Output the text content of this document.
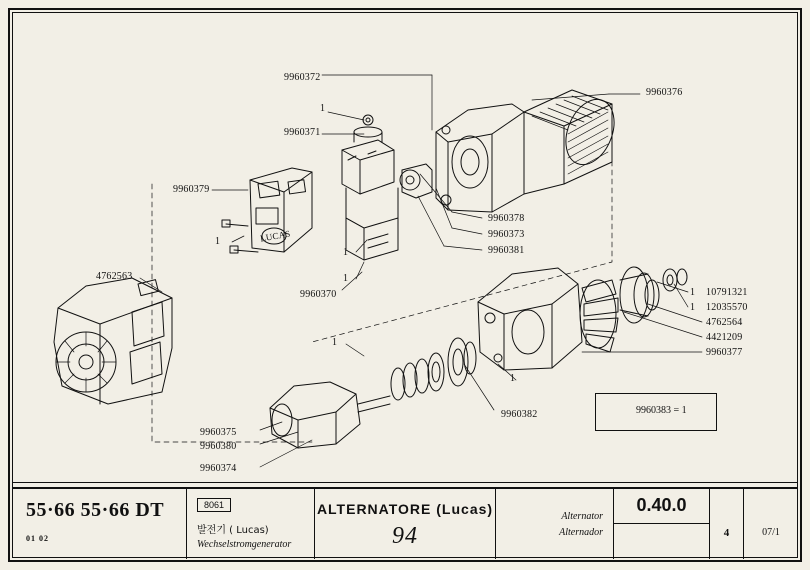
9960372
9960376
1
9960371
9960379
1
1
9960378
9960373
9960381
1
9960370
4762563
1
1
1 10791321
1 12035570
4762564
4421209
9960377
9960382
9960375
9960380
9960374
LUCAS
9960383 = 1
55·66 55·66 DT
01 02
8061
발전기 ( Lucas)
Wechselstromgenerator
ALTERNATORE (Lucas)
94
Alternator
Alternador
0.40.0
4	07/1
